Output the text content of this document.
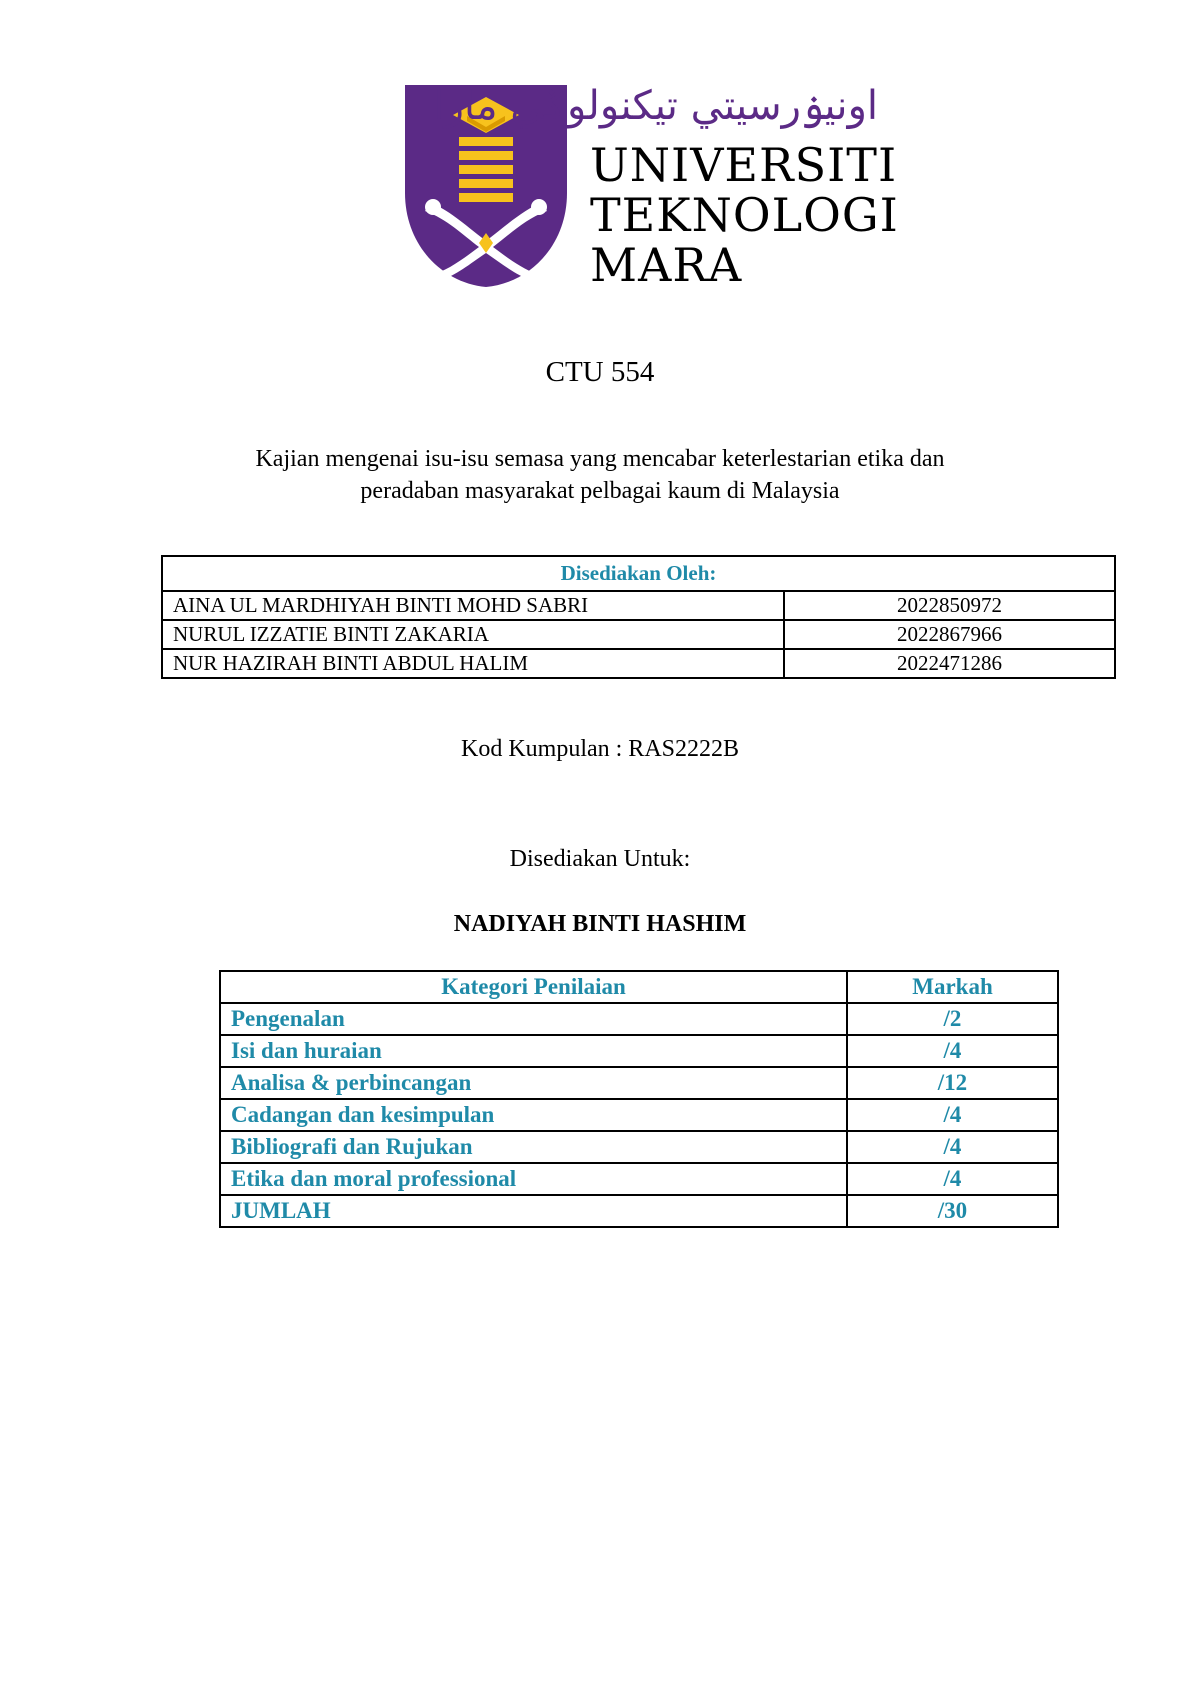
اونيۏرسيتي تيكنولوݢي مارا
UNIVERSITI
TEKNOLOGI
MARA
CTU 554
Kajian mengenai isu-isu semasa yang mencabar keterlestarian etika dan
peradaban masyarakat pelbagai kaum di Malaysia
Disediakan Oleh:	
AINA UL MARDHIYAH BINTI MOHD SABRI	2022850972
NURUL IZZATIE BINTI ZAKARIA	2022867966
NUR HAZIRAH BINTI ABDUL HALIM	2022471286
Kod Kumpulan : RAS2222B
Disediakan Untuk:
NADIYAH BINTI HASHIM
Kategori Penilaian	Markah
Pengenalan	/2
Isi dan huraian	/4
Analisa & perbincangan	/12
Cadangan dan kesimpulan	/4
Bibliografi dan Rujukan	/4
Etika dan moral professional	/4
JUMLAH	/30
